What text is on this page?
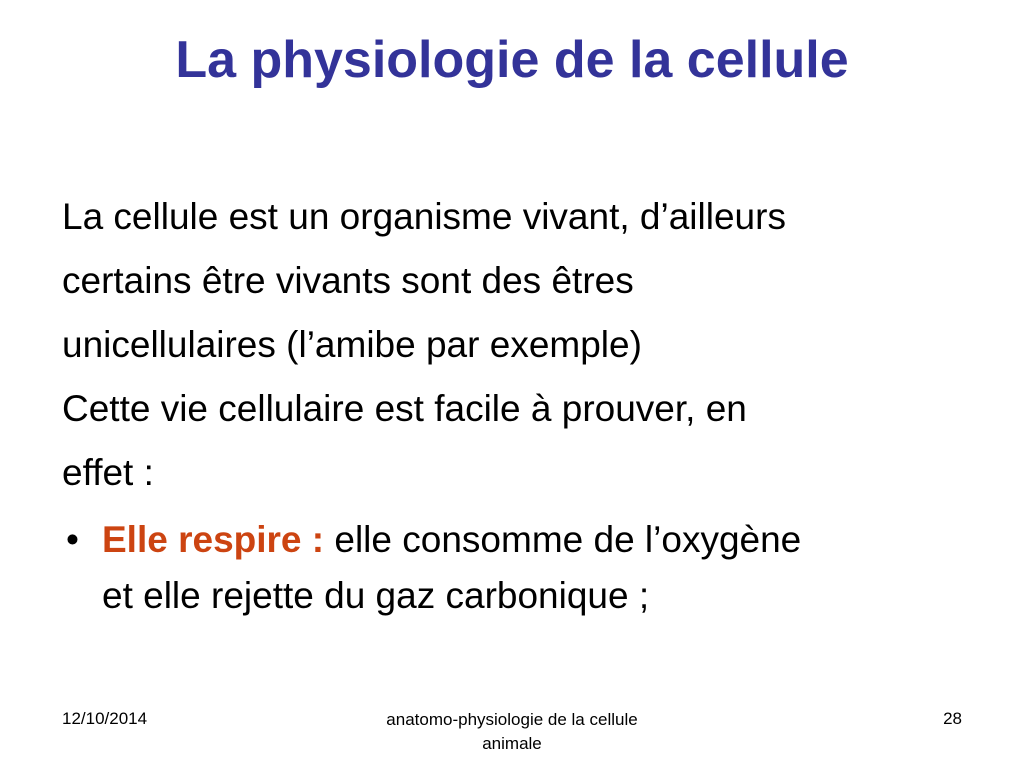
La physiologie de la cellule
La cellule est un organisme vivant, d’ailleurs
certains être vivants sont des êtres
unicellulaires (l’amibe par exemple)
Cette vie cellulaire est facile à prouver, en
effet :
• Elle respire : elle consomme de l’oxygène
et elle rejette du gaz carbonique ;
12/10/2014	anatomo-physiologie de la cellule
animale
28
